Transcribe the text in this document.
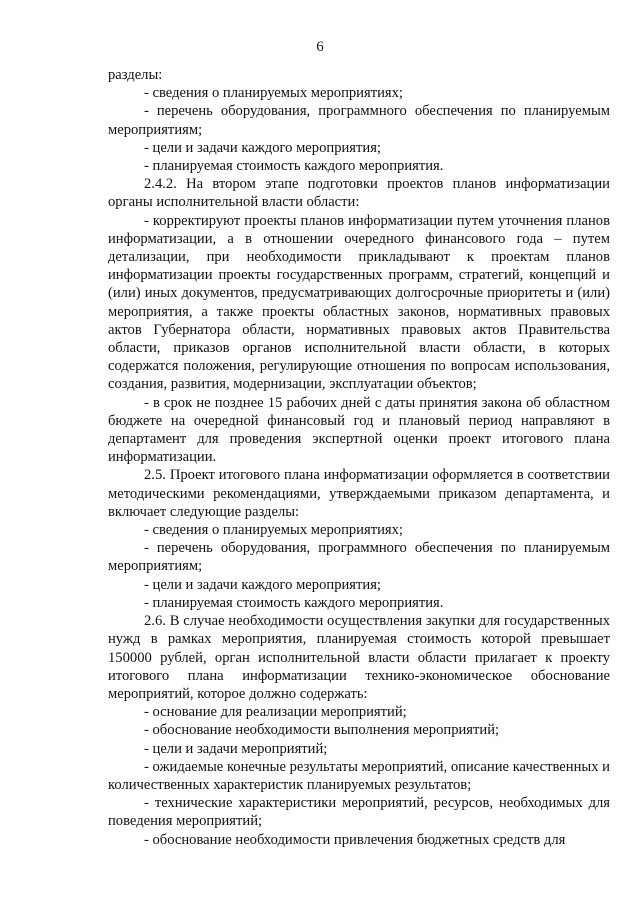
6

разделы:

- сведения о планируемых мероприятиях;

- перечень оборудования, программного обеспечения по планируемым мероприятиям;

- цели и задачи каждого мероприятия;

- планируемая стоимость каждого мероприятия.

2.4.2. На втором этапе подготовки проектов планов информатизации органы исполнительной власти области:

- корректируют проекты планов информатизации путем уточнения планов информатизации, а в отношении очередного финансового года – путем детализации, при необходимости прикладывают к проектам планов информатизации проекты государственных программ, стратегий, концепций и (или) иных документов, предусматривающих долгосрочные приоритеты и (или) мероприятия, а также проекты областных законов, нормативных правовых актов Губернатора области, нормативных правовых актов Правительства области, приказов органов исполнительной власти области, в которых содержатся положения, регулирующие отношения по вопросам использования, создания, развития, модернизации, эксплуатации объектов;

- в срок не позднее 15 рабочих дней с даты принятия закона об областном бюджете на очередной финансовый год и плановый период направляют в департамент для проведения экспертной оценки проект итогового плана информатизации.

2.5. Проект итогового плана информатизации оформляется в соответствии методическими рекомендациями, утверждаемыми приказом департамента, и включает следующие разделы:

- сведения о планируемых мероприятиях;

- перечень оборудования, программного обеспечения по планируемым мероприятиям;

- цели и задачи каждого мероприятия;

- планируемая стоимость каждого мероприятия.

2.6. В случае необходимости осуществления закупки для государственных нужд в рамках мероприятия, планируемая стоимость которой превышает 150000 рублей, орган исполнительной власти области прилагает к проекту итогового плана информатизации технико-экономическое обоснование мероприятий, которое должно содержать:

- основание для реализации мероприятий;

- обоснование необходимости выполнения мероприятий;

- цели и задачи мероприятий;

- ожидаемые конечные результаты мероприятий, описание качественных и количественных характеристик планируемых результатов;

- технические характеристики мероприятий, ресурсов, необходимых для поведения мероприятий;

- обоснование необходимости привлечения бюджетных средств для
